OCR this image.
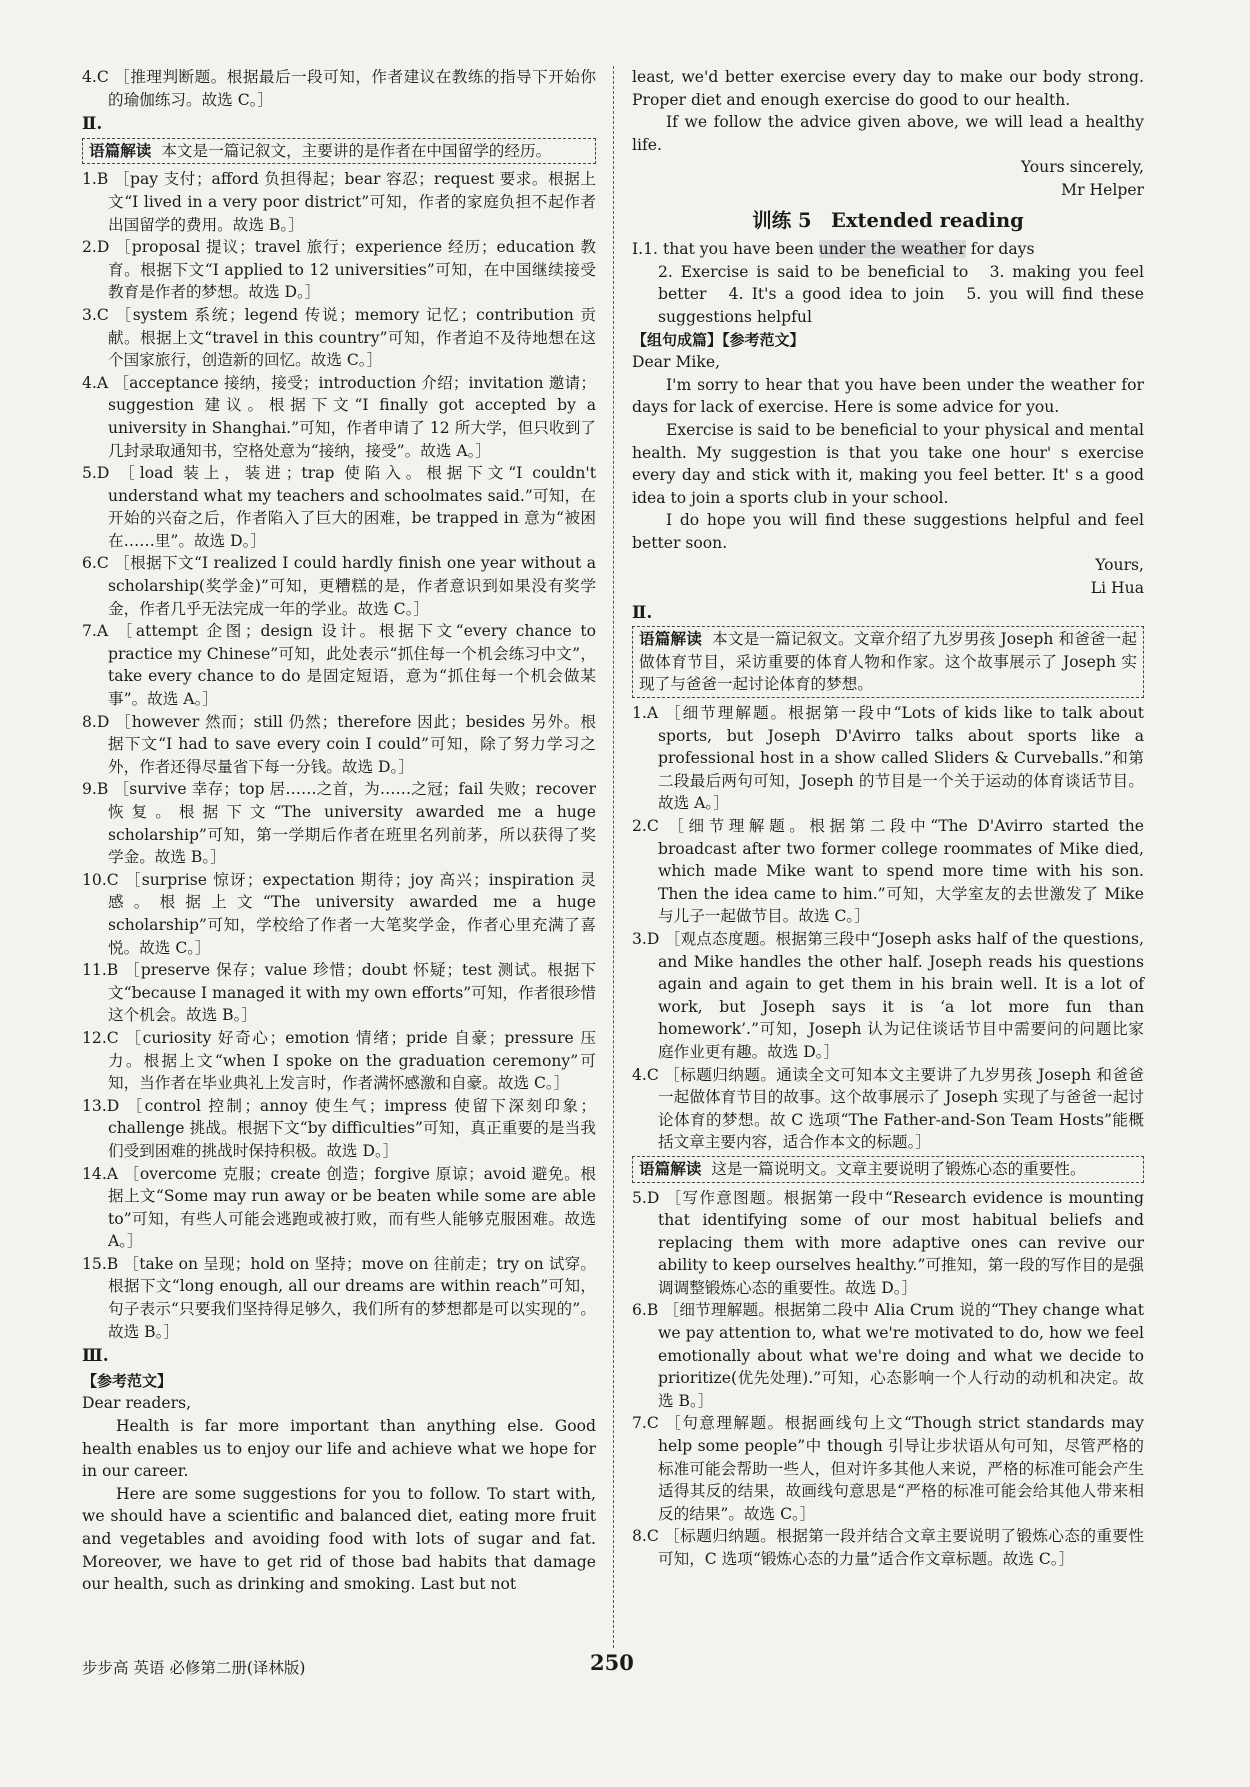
4.C ［推理判断题。根据最后一段可知，作者建议在教练的指导下开始你的瑜伽练习。故选 C。］

Ⅱ.

语篇解读 本文是一篇记叙文，主要讲的是作者在中国留学的经历。

1.B ［pay 支付；afford 负担得起；bear 容忍；request 要求。根据上文“I lived in a very poor district”可知，作者的家庭负担不起作者出国留学的费用。故选 B。］

2.D ［proposal 提议；travel 旅行；experience 经历；education 教育。根据下文“I applied to 12 universities”可知，在中国继续接受教育是作者的梦想。故选 D。］

3.C ［system 系统；legend 传说；memory 记忆；contribution 贡献。根据上文“travel in this country”可知，作者迫不及待地想在这个国家旅行，创造新的回忆。故选 C。］

4.A ［acceptance 接纳，接受；introduction 介绍；invitation 邀请；suggestion 建议。根据下文“I finally got accepted by a university in Shanghai.”可知，作者申请了 12 所大学，但只收到了几封录取通知书，空格处意为“接纳，接受”。故选 A。］

5.D ［load 装上，装进；trap 使陷入。根据下文“I couldn't understand what my teachers and schoolmates said.”可知，在开始的兴奋之后，作者陷入了巨大的困难，be trapped in 意为“被困在……里”。故选 D。］

6.C ［根据下文“I realized I could hardly finish one year without a scholarship(奖学金)”可知，更糟糕的是，作者意识到如果没有奖学金，作者几乎无法完成一年的学业。故选 C。］

7.A ［attempt 企图；design 设计。根据下文“every chance to practice my Chinese”可知，此处表示“抓住每一个机会练习中文”，take every chance to do 是固定短语，意为“抓住每一个机会做某事”。故选 A。］

8.D ［however 然而；still 仍然；therefore 因此；besides 另外。根据下文“I had to save every coin I could”可知，除了努力学习之外，作者还得尽量省下每一分钱。故选 D。］

9.B ［survive 幸存；top 居……之首，为……之冠；fail 失败；recover 恢复。根据下文“The university awarded me a huge scholarship”可知，第一学期后作者在班里名列前茅，所以获得了奖学金。故选 B。］

10.C ［surprise 惊讶；expectation 期待；joy 高兴；inspiration 灵感。根据上文“The university awarded me a huge scholarship”可知，学校给了作者一大笔奖学金，作者心里充满了喜悦。故选 C。］

11.B ［preserve 保存；value 珍惜；doubt 怀疑；test 测试。根据下文“because I managed it with my own efforts”可知，作者很珍惜这个机会。故选 B。］

12.C ［curiosity 好奇心；emotion 情绪；pride 自豪；pressure 压力。根据上文“when I spoke on the graduation ceremony”可知，当作者在毕业典礼上发言时，作者满怀感激和自豪。故选 C。］

13.D ［control 控制；annoy 使生气；impress 使留下深刻印象；challenge 挑战。根据下文“by difficulties”可知，真正重要的是当我们受到困难的挑战时保持积极。故选 D。］

14.A ［overcome 克服；create 创造；forgive 原谅；avoid 避免。根据上文“Some may run away or be beaten while some are able to”可知，有些人可能会逃跑或被打败，而有些人能够克服困难。故选 A。］

15.B ［take on 呈现；hold on 坚持；move on 往前走；try on 试穿。根据下文“long enough, all our dreams are within reach”可知，句子表示“只要我们坚持得足够久，我们所有的梦想都是可以实现的”。故选 B。］

Ⅲ.

【参考范文】

Dear readers,

Health is far more important than anything else. Good health enables us to enjoy our life and achieve what we hope for in our career.

Here are some suggestions for you to follow. To start with, we should have a scientific and balanced diet, eating more fruit and vegetables and avoiding food with lots of sugar and fat. Moreover, we have to get rid of those bad habits that damage our health, such as drinking and smoking. Last but not

least, we'd better exercise every day to make our body strong. Proper diet and enough exercise do good to our health.

If we follow the advice given above, we will lead a healthy life.

Yours sincerely,

Mr Helper

训练 5　Extended reading

Ⅰ.1. that you have been under the weather for days

2. Exercise is said to be beneficial to　3. making you feel better　4. It's a good idea to join　5. you will find these suggestions helpful

【组句成篇】【参考范文】

Dear Mike,

I'm sorry to hear that you have been under the weather for days for lack of exercise. Here is some advice for you.

Exercise is said to be beneficial to your physical and mental health. My suggestion is that you take one hour' s exercise every day and stick with it, making you feel better. It' s a good idea to join a sports club in your school.

I do hope you will find these suggestions helpful and feel better soon.

Yours,

Li Hua

Ⅱ.

语篇解读 本文是一篇记叙文。文章介绍了九岁男孩 Joseph 和爸爸一起做体育节目，采访重要的体育人物和作家。这个故事展示了 Joseph 实现了与爸爸一起讨论体育的梦想。

1.A ［细节理解题。根据第一段中“Lots of kids like to talk about sports, but Joseph D'Avirro talks about sports like a professional host in a show called Sliders & Curveballs.”和第二段最后两句可知，Joseph 的节目是一个关于运动的体育谈话节目。故选 A。］

2.C ［细节理解题。根据第二段中“The D'Avirro started the broadcast after two former college roommates of Mike died, which made Mike want to spend more time with his son. Then the idea came to him.”可知，大学室友的去世激发了 Mike 与儿子一起做节目。故选 C。］

3.D ［观点态度题。根据第三段中“Joseph asks half of the questions, and Mike handles the other half. Joseph reads his questions again and again to get them in his brain well. It is a lot of work, but Joseph says it is ‘a lot more fun than homework’.”可知，Joseph 认为记住谈话节目中需要问的问题比家庭作业更有趣。故选 D。］

4.C ［标题归纳题。通读全文可知本文主要讲了九岁男孩 Joseph 和爸爸一起做体育节目的故事。这个故事展示了 Joseph 实现了与爸爸一起讨论体育的梦想。故 C 选项“The Father-and-Son Team Hosts”能概括文章主要内容，适合作本文的标题。］

语篇解读 这是一篇说明文。文章主要说明了锻炼心态的重要性。

5.D ［写作意图题。根据第一段中“Research evidence is mounting that identifying some of our most habitual beliefs and replacing them with more adaptive ones can revive our ability to keep ourselves healthy.”可推知，第一段的写作目的是强调调整锻炼心态的重要性。故选 D。］

6.B ［细节理解题。根据第二段中 Alia Crum 说的“They change what we pay attention to, what we're motivated to do, how we feel emotionally about what we're doing and what we decide to prioritize(优先处理).”可知，心态影响一个人行动的动机和决定。故选 B。］

7.C ［句意理解题。根据画线句上文“Though strict standards may help some people”中 though 引导让步状语从句可知，尽管严格的标准可能会帮助一些人，但对许多其他人来说，严格的标准可能会产生适得其反的结果，故画线句意思是“严格的标准可能会给其他人带来相反的结果”。故选 C。］

8.C ［标题归纳题。根据第一段并结合文章主要说明了锻炼心态的重要性可知，C 选项“锻炼心态的力量”适合作文章标题。故选 C。］

步步高 英语 必修第二册(译林版)	250
